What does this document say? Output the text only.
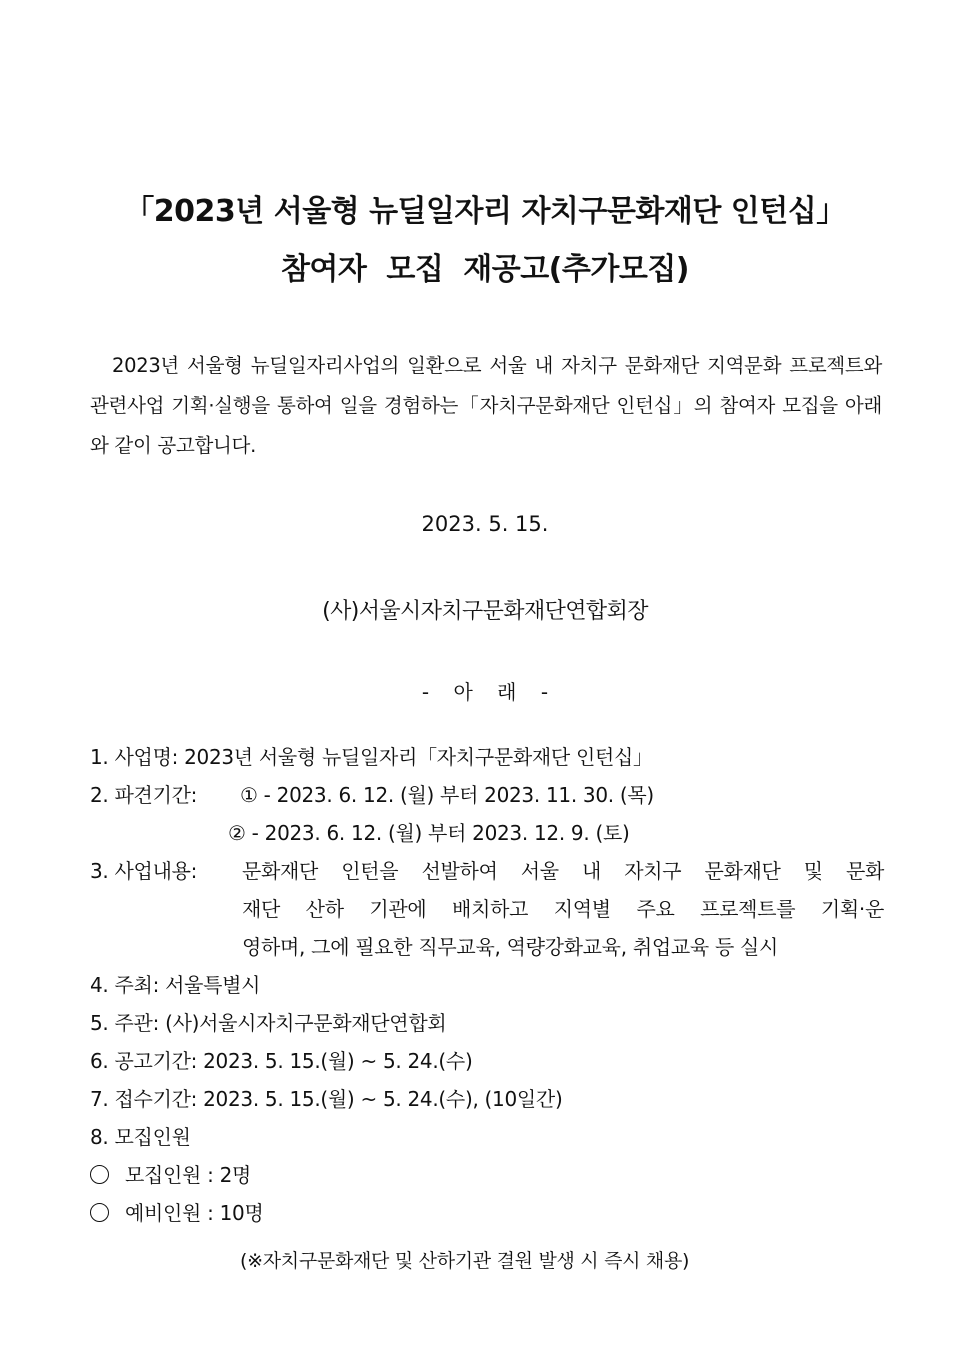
「2023년 서울형 뉴딜일자리 자치구문화재단 인턴십」
참여자 모집 재공고(추가모집)
2023년 서울형 뉴딜일자리사업의 일환으로 서울 내 자치구 문화재단 지역문화 프로젝트와 관련사업 기획·실행을 통하여 일을 경험하는「자치구문화재단 인턴십」의 참여자 모집을 아래와 같이 공고합니다.
2023. 5. 15.
(사)서울시자치구문화재단연합회장
- 아 래 -
1. 사업명: 2023년 서울형 뉴딜일자리「자치구문화재단 인턴십」
2. 파견기간: ① - 2023. 6. 12. (월) 부터 2023. 11. 30. (목)
② - 2023. 6. 12. (월) 부터 2023. 12. 9. (토)
3. 사업내용: 문화재단 인턴을 선발하여 서울 내 자치구 문화재단 및 문화
재단 산하 기관에 배치하고 지역별 주요 프로젝트를 기획·운
영하며, 그에 필요한 직무교육, 역량강화교육, 취업교육 등 실시
4. 주최: 서울특별시
5. 주관: (사)서울시자치구문화재단연합회
6. 공고기간: 2023. 5. 15.(월) ~ 5. 24.(수)
7. 접수기간: 2023. 5. 15.(월) ~ 5. 24.(수), (10일간)
8. 모집인원
모집인원 : 2명
예비인원 : 10명
(※자치구문화재단 및 산하기관 결원 발생 시 즉시 채용)
